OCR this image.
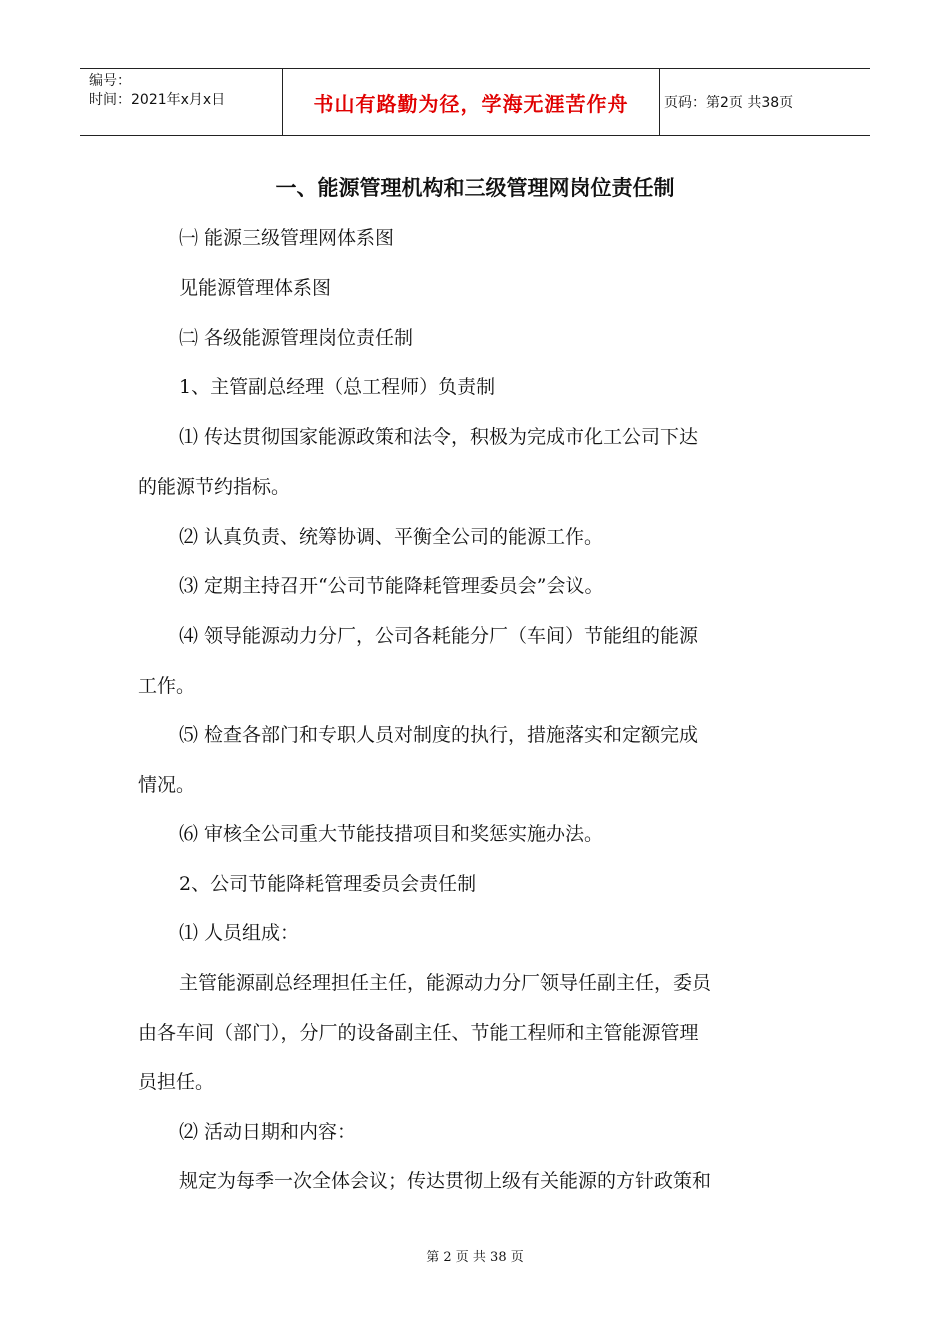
编号：
时间：2021年x月x日	书山有路勤为径，学海无涯苦作舟	页码：第2页 共38页
一、能源管理机构和三级管理网岗位责任制
㈠ 能源三级管理网体系图
见能源管理体系图
㈡ 各级能源管理岗位责任制
1、主管副总经理（总工程师）负责制
⑴ 传达贯彻国家能源政策和法令，积极为完成市化工公司下达
的能源节约指标。
⑵ 认真负责、统筹协调、平衡全公司的能源工作。
⑶ 定期主持召开“公司节能降耗管理委员会”会议。
⑷ 领导能源动力分厂，公司各耗能分厂（车间）节能组的能源
工作。
⑸ 检查各部门和专职人员对制度的执行，措施落实和定额完成
情况。
⑹ 审核全公司重大节能技措项目和奖惩实施办法。
2、公司节能降耗管理委员会责任制
⑴ 人员组成：
主管能源副总经理担任主任，能源动力分厂领导任副主任，委员
由各车间（部门），分厂的设备副主任、节能工程师和主管能源管理
员担任。
⑵ 活动日期和内容：
规定为每季一次全体会议；传达贯彻上级有关能源的方针政策和
第 2 页 共 38 页
